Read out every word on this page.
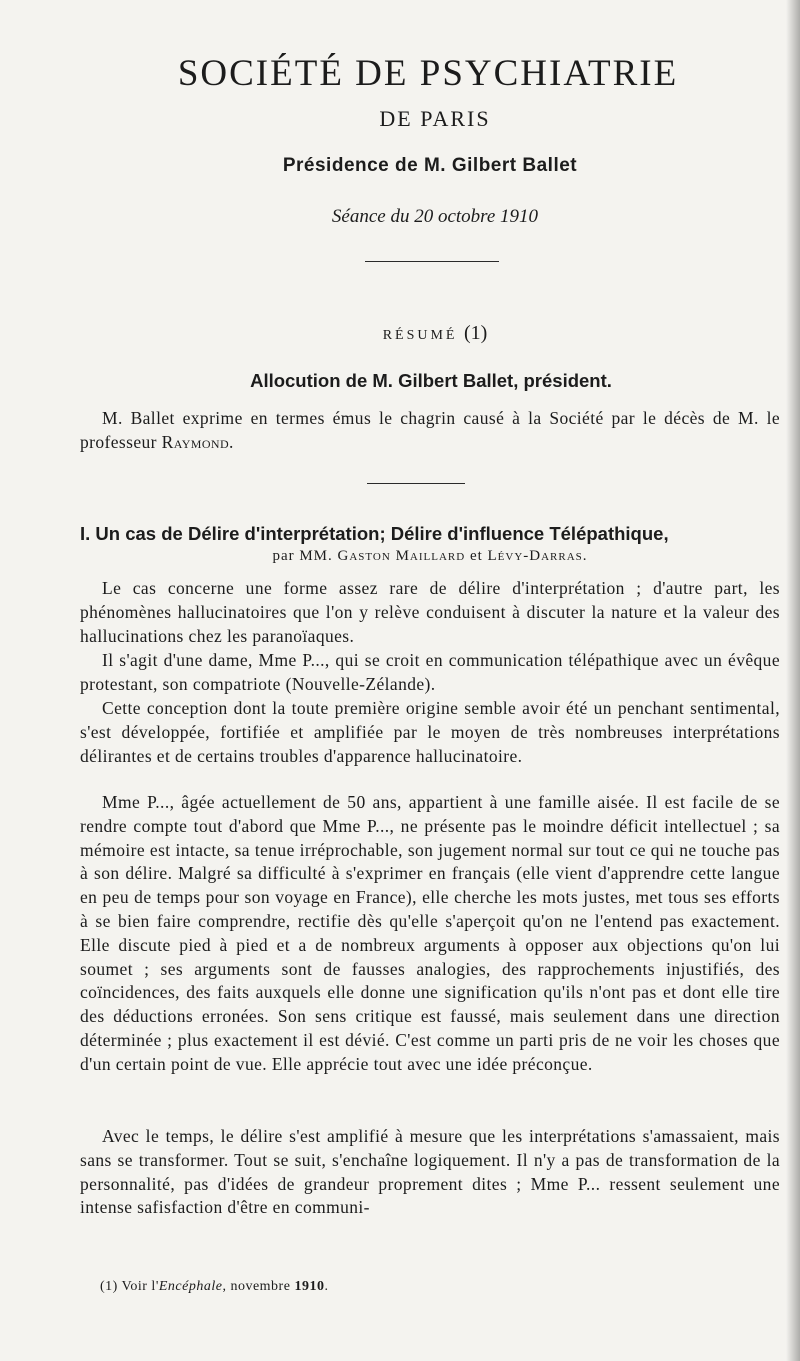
SOCIÉTÉ DE PSYCHIATRIE
DE PARIS
Présidence de M. Gilbert Ballet
Séance du 20 octobre 1910
RÉSUMÉ (1)
Allocution de M. Gilbert Ballet, président.
M. Ballet exprime en termes émus le chagrin causé à la Société par le décès de M. le professeur Raymond.
I. Un cas de Délire d'interprétation; Délire d'influence Télépathique,
par MM. Gaston Maillard et Lévy-Darras.
Le cas concerne une forme assez rare de délire d'interprétation ; d'autre part, les phénomènes hallucinatoires que l'on y relève conduisent à discuter la nature et la valeur des hallucinations chez les paranoïaques.
Il s'agit d'une dame, Mme P..., qui se croit en communication télépathique avec un évêque protestant, son compatriote (Nouvelle-Zélande).
Cette conception dont la toute première origine semble avoir été un penchant sentimental, s'est développée, fortifiée et amplifiée par le moyen de très nombreuses interprétations délirantes et de certains troubles d'apparence hallucinatoire.
Mme P..., âgée actuellement de 50 ans, appartient à une famille aisée. Il est facile de se rendre compte tout d'abord que Mme P..., ne présente pas le moindre déficit intellectuel ; sa mémoire est intacte, sa tenue irréprochable, son jugement normal sur tout ce qui ne touche pas à son délire. Malgré sa difficulté à s'exprimer en français (elle vient d'apprendre cette langue en peu de temps pour son voyage en France), elle cherche les mots justes, met tous ses efforts à se bien faire comprendre, rectifie dès qu'elle s'aperçoit qu'on ne l'entend pas exactement. Elle discute pied à pied et a de nombreux arguments à opposer aux objections qu'on lui soumet ; ses arguments sont de fausses analogies, des rapprochements injustifiés, des coïncidences, des faits auxquels elle donne une signification qu'ils n'ont pas et dont elle tire des déductions erronées. Son sens critique est faussé, mais seulement dans une direction déterminée ; plus exactement il est dévié. C'est comme un parti pris de ne voir les choses que d'un certain point de vue. Elle apprécie tout avec une idée préconçue.
Avec le temps, le délire s'est amplifié à mesure que les interprétations s'amassaient, mais sans se transformer. Tout se suit, s'enchaîne logiquement. Il n'y a pas de transformation de la personnalité, pas d'idées de grandeur proprement dites ; Mme P... ressent seulement une intense safisfaction d'être en communi-
(1) Voir l'Encéphale, novembre 1910.
